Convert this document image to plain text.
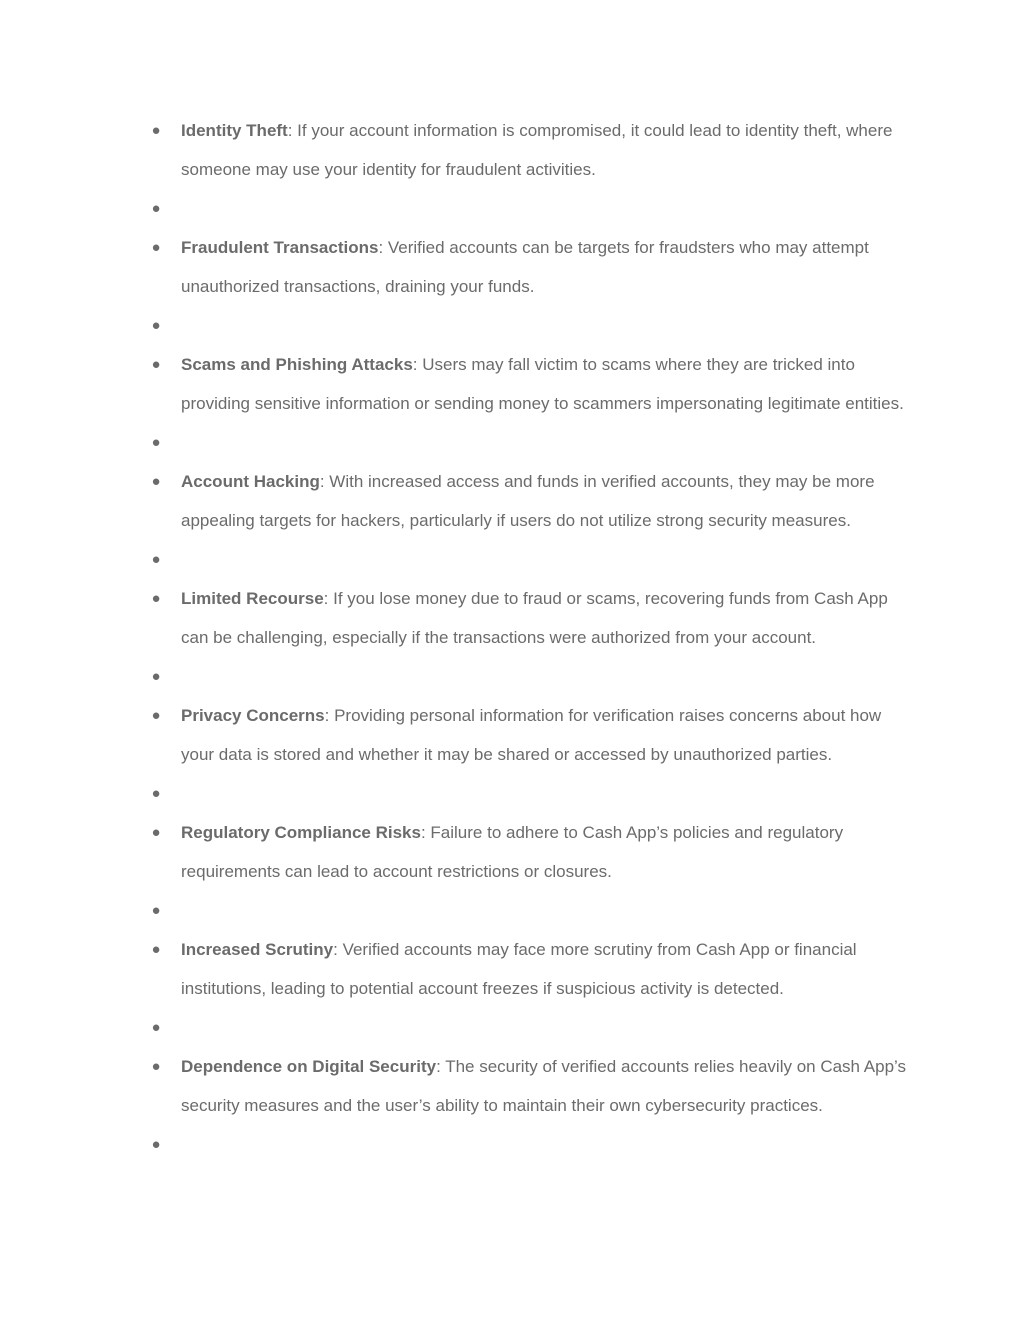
● Identity Theft: If your account information is compromised, it could lead to identity theft, where someone may use your identity for fraudulent activities.
●
● Fraudulent Transactions: Verified accounts can be targets for fraudsters who may attempt unauthorized transactions, draining your funds.
●
● Scams and Phishing Attacks: Users may fall victim to scams where they are tricked into providing sensitive information or sending money to scammers impersonating legitimate entities.
●
● Account Hacking: With increased access and funds in verified accounts, they may be more appealing targets for hackers, particularly if users do not utilize strong security measures.
●
● Limited Recourse: If you lose money due to fraud or scams, recovering funds from Cash App can be challenging, especially if the transactions were authorized from your account.
●
● Privacy Concerns: Providing personal information for verification raises concerns about how your data is stored and whether it may be shared or accessed by unauthorized parties.
●
● Regulatory Compliance Risks: Failure to adhere to Cash App’s policies and regulatory requirements can lead to account restrictions or closures.
●
● Increased Scrutiny: Verified accounts may face more scrutiny from Cash App or financial institutions, leading to potential account freezes if suspicious activity is detected.
●
● Dependence on Digital Security: The security of verified accounts relies heavily on Cash App’s security measures and the user’s ability to maintain their own cybersecurity practices.
●
